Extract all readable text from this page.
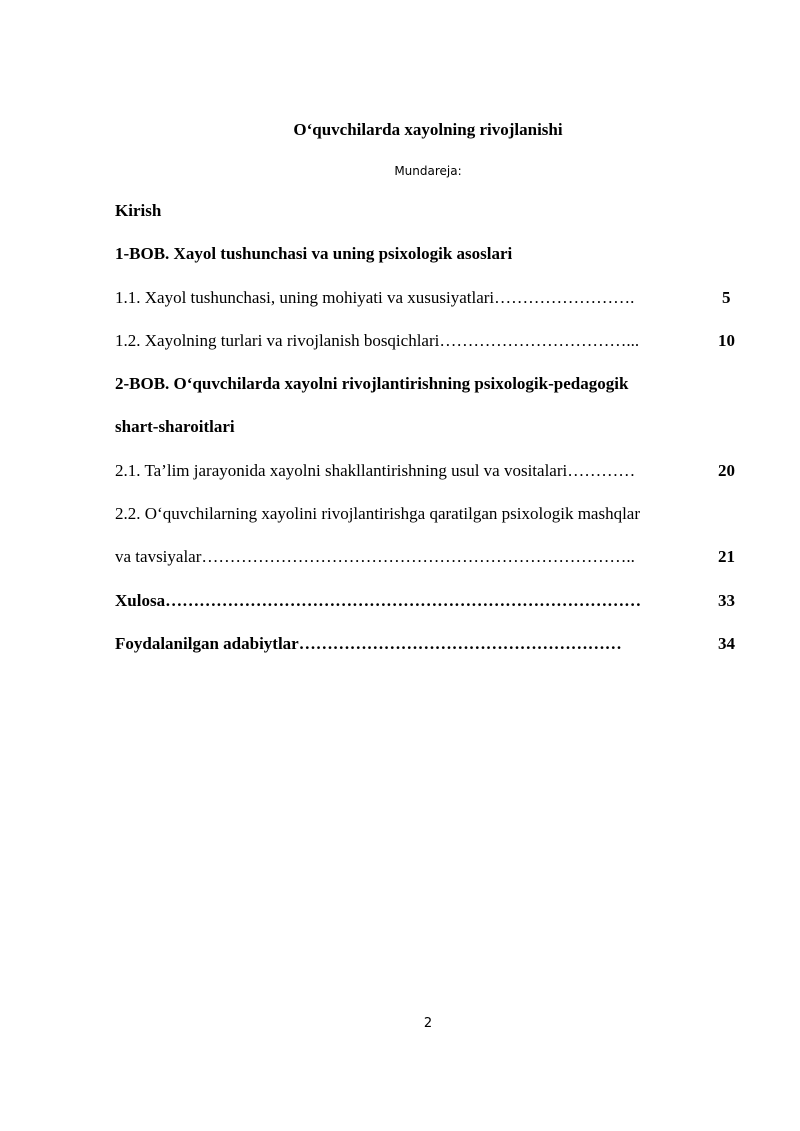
O‘quvchilarda xayolning rivojlanishi
Mundareja:
Kirish
1-BOB. Xayol tushunchasi va uning psixologik asoslari
1.1. Xayol tushunchasi, uning mohiyati va xususiyatlari…………………….	5
1.2. Xayolning turlari va rivojlanish bosqichlari……………………………...	10
2-BOB. O‘quvchilarda xayolni rivojlantirishning psixologik-pedagogik
shart-sharoitlari
2.1. Ta’lim jarayonida xayolni shakllantirishning usul va vositalari…………	20
2.2. O‘quvchilarning xayolini rivojlantirishga qaratilgan psixologik mashqlar
va tavsiyalar…………………………………………………………………..	21
Xulosa…………………………………………………………………………	33
Foydalanilgan adabiytlar…………………………………………………	34
2
